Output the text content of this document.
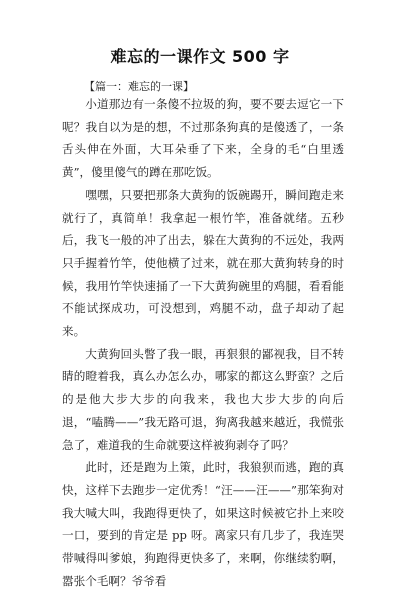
难忘的一课作文 500 字
【篇一：难忘的一课】

小道那边有一条傻不拉圾的狗，要不要去逗它一下呢？我自以为是的想，不过那条狗真的是傻透了，一条舌头伸在外面，大耳朵垂了下来，全身的毛“白里透黄”，傻里傻气的蹲在那吃饭。

嘿嘿，只要把那条大黄狗的饭碗踢开，瞬间跑走来就行了，真简单！我拿起一根竹竿，准备就绪。五秒后，我飞一般的冲了出去，躲在大黄狗的不远处，我两只手握着竹竿，使他横了过来，就在那大黄狗转身的时候，我用竹竿快速捅了一下大黄狗碗里的鸡腿，看看能不能试探成功，可没想到，鸡腿不动，盘子却动了起来。

大黄狗回头瞥了我一眼，再狠狠的鄙视我，目不转睛的瞪着我，真么办怎么办，哪家的都这么野蛮？之后的是他大步大步的向我来，我也大步大步的向后退，“嗑腾——”我无路可退，狗离我越来越近，我慌张急了，难道我的生命就要这样被狗剥夺了吗？

此时，还是跑为上策，此时，我狼狈而逃，跑的真快，这样下去跑步一定优秀！“汪——汪——”那笨狗对我大喊大叫，我跑得更快了，如果这时候被它扑上来咬一口，要到的肯定是 pp 呀。离家只有几步了，我连哭带喊得叫爹娘，狗跑得更快多了，来啊，你继续豹啊，嚣张个毛啊？爷爷看
